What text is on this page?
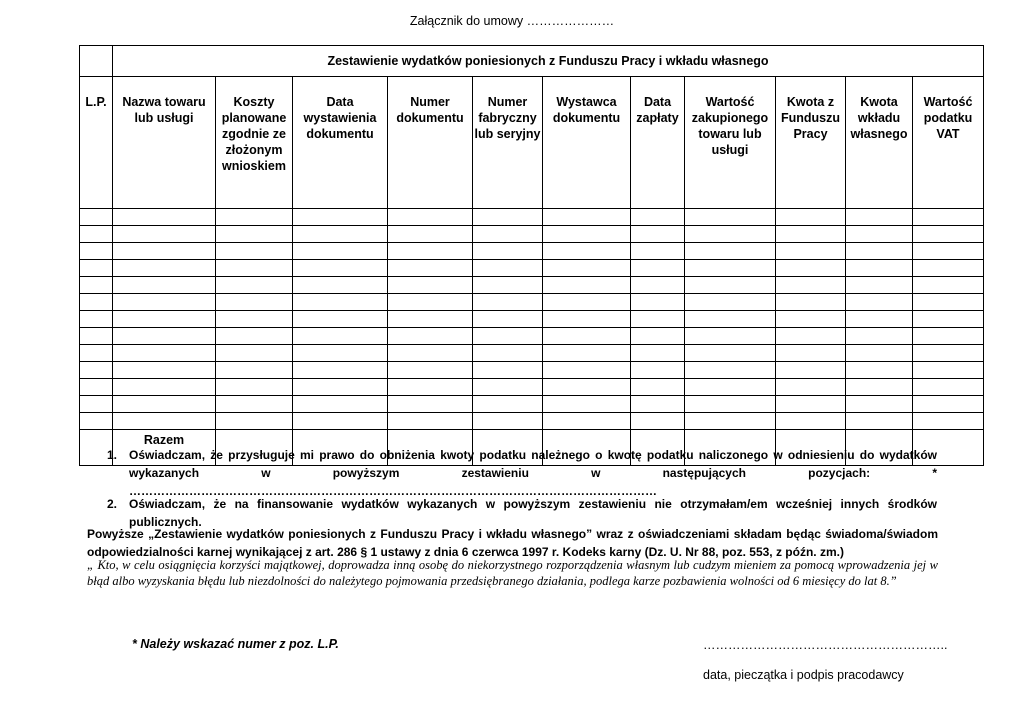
Załącznik do umowy …………………
	Zestawienie wydatków poniesionych z Funduszu Pracy i wkładu własnego										
L.P.	Nazwa towaru lub usługi	Koszty planowane zgodnie ze złożonym wnioskiem	Data wystawienia dokumentu	Numer dokumentu	Numer fabryczny lub seryjny	Wystawca dokumentu	Data zapłaty	Wartość zakupionego towaru lub usługi	Kwota z Funduszu Pracy	Kwota wkładu własnego	Wartość podatku VAT

	Razem										
1. Oświadczam, że przysługuje mi prawo do obniżenia kwoty podatku należnego o kwotę podatku naliczonego w odniesieniu do wydatków wykazanych w powyższym zestawieniu w następujących pozycjach: * ……………………………………………………………………………………………………………………
2. Oświadczam, że na finansowanie wydatków wykazanych w powyższym zestawieniu nie otrzymałam/em wcześniej innych środków publicznych.
Powyższe „Zestawienie wydatków poniesionych z Funduszu Pracy i wkładu własnego” wraz z oświadczeniami składam będąc świadoma/świadom odpowiedzialności karnej wynikającej z art. 286 § 1 ustawy z dnia 6 czerwca 1997 r. Kodeks karny (Dz. U. Nr 88, poz. 553, z późn. zm.)
„ Kto, w celu osiągnięcia korzyści majątkowej, doprowadza inną osobę do niekorzystnego rozporządzenia własnym lub cudzym mieniem za pomocą wprowadzenia jej w błąd albo wyzyskania błędu lub niezdolności do należytego pojmowania przedsiębranego działania, podlega karze pozbawienia wolności od 6 miesięcy do lat 8.”
* Należy wskazać numer z poz. L.P.	…………………………………………………..
data, pieczątka i podpis pracodawcy
